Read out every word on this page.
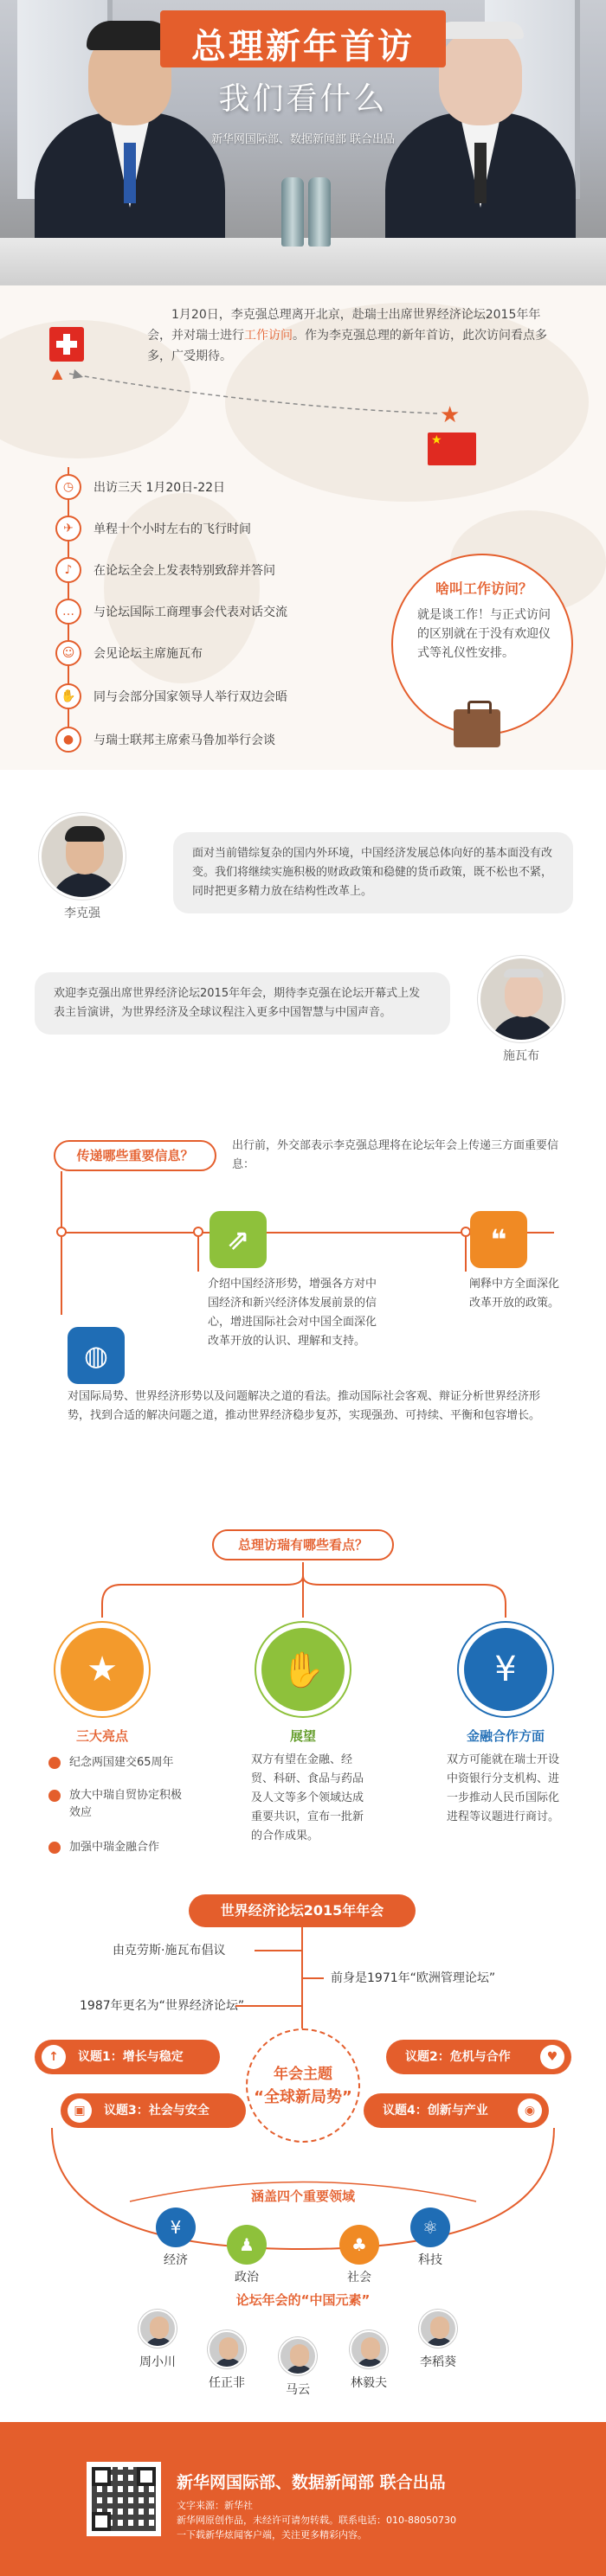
总理新年首访
我们看什么
新华网国际部、数据新闻部 联合出品

1月20日，李克强总理离开北京，赴瑞士出席世界经济论坛2015年年会，并对瑞士进行工作访问。作为李克强总理的新年首访，此次访问看点多多，广受期待。

▲
★
★
◷	出访三天 1月20日-22日
✈	单程十个小时左右的飞行时间
♪	在论坛全会上发表特别致辞并答问
…	与论坛国际工商理事会代表对话交流
☺	会见论坛主席施瓦布
✋	同与会部分国家领导人举行双边会晤
●	与瑞士联邦主席索马鲁加举行会谈
啥叫工作访问？
就是谈工作！与正式访问的区别就在于没有欢迎仪式等礼仪性安排。
李克强
面对当前错综复杂的国内外环境，中国经济发展总体向好的基本面没有改变。我们将继续实施积极的财政政策和稳健的货币政策，既不松也不紧，同时把更多精力放在结构性改革上。
施瓦布
欢迎李克强出席世界经济论坛2015年年会，期待李克强在论坛开幕式上发表主旨演讲，为世界经济及全球议程注入更多中国智慧与中国声音。
传递哪些重要信息？
出行前，外交部表示李克强总理将在论坛年会上传递三方面重要信息：
⇗
介绍中国经济形势，增强各方对中国经济和新兴经济体发展前景的信心，增进国际社会对中国全面深化改革开放的认识、理解和支持。
❝
阐释中方全面深化改革开放的政策。
◍
对国际局势、世界经济形势以及问题解决之道的看法。推动国际社会客观、辩证分析世界经济形势，找到合适的解决问题之道，推动世界经济稳步复苏，实现强劲、可持续、平衡和包容增长。
总理访瑞有哪些看点？
★	✋	¥
三大亮点
纪念两国建交65周年
放大中瑞自贸协定积极效应
加强中瑞金融合作
展望
双方有望在金融、经贸、科研、食品与药品及人文等多个领域达成重要共识，宣布一批新的合作成果。
金融合作方面
双方可能就在瑞士开设中资银行分支机构、进一步推动人民币国际化进程等议题进行商讨。
世界经济论坛2015年年会
由克劳斯·施瓦布倡议
前身是1971年“欧洲管理论坛”
1987年更名为“世界经济论坛”
年会主题
“全球新局势”
↑	议题1：增长与稳定	议题2：危机与合作	♥
▣	议题3：社会与安全	议题4：创新与产业	◉
涵盖四个重要领域
¥
♟	♣
⚛
经济
政治	社会
科技
论坛年会的“中国元素”
周小川
任正非	马云	林毅夫
李稻葵
新华网国际部、数据新闻部 联合出品
文字来源：新华社
新华网原创作品，未经许可请勿转载。联系电话：010-88050730
一下载新华炫闻客户端，关注更多精彩内容。
